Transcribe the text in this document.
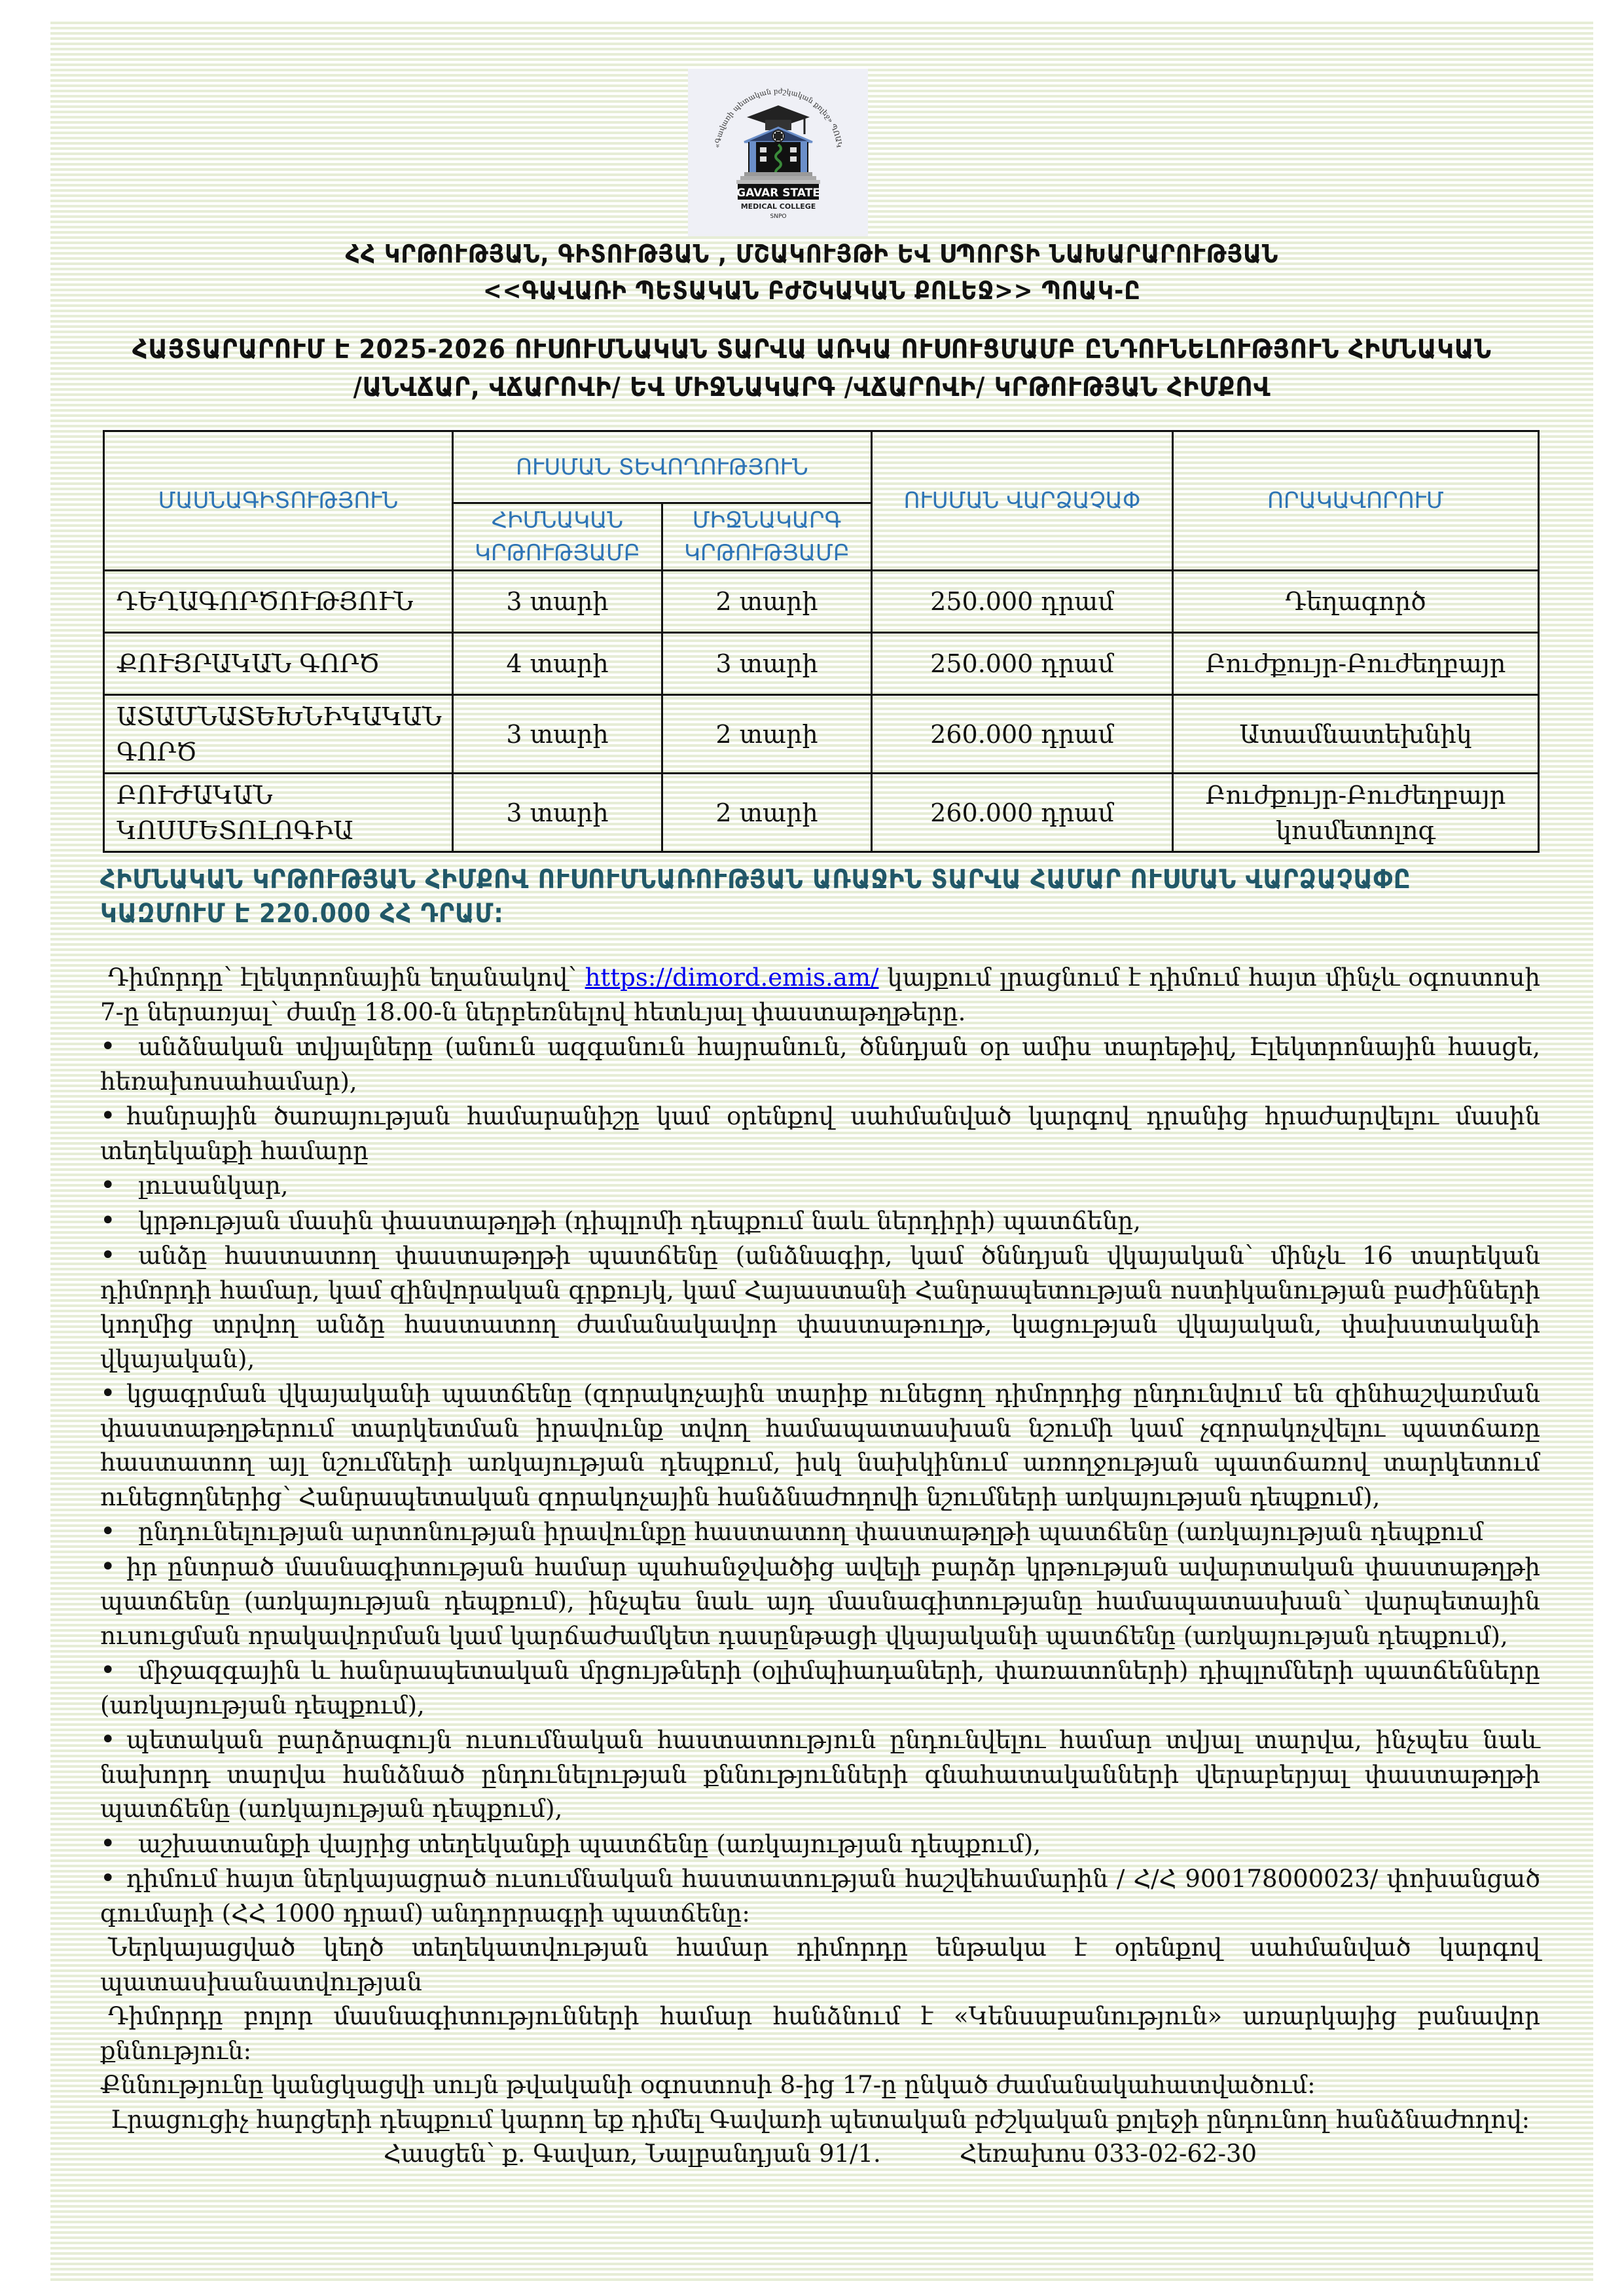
«Գավառի պետական բժշկական քոլեջ» ՊՈԱԿ
GAVAR STATE
MEDICAL COLLEGE
SNPO
ՀՀ ԿՐԹՈՒԹՅԱՆ, ԳԻՏՈՒԹՅԱՆ , ՄՇԱԿՈՒՅԹԻ ԵՎ ՍՊՈՐՏԻ ՆԱԽԱՐԱՐՈՒԹՅԱՆ
<<ԳԱՎԱՌԻ ՊԵՏԱԿԱՆ ԲԺՇԿԱԿԱՆ ՔՈԼԵՋ>> ՊՈԱԿ-Ը
ՀԱՅՏԱՐԱՐՈՒՄ Է 2025-2026 ՈՒՍՈՒՄՆԱԿԱՆ ՏԱՐՎԱ ԱՌԿԱ ՈՒՍՈՒՑՄԱՄԲ ԸՆԴՈՒՆԵԼՈՒԹՅՈՒՆ ՀԻՄՆԱԿԱՆ
/ԱՆՎՃԱՐ, ՎՃԱՐՈՎԻ/ ԵՎ ՄԻՋՆԱԿԱՐԳ /ՎՃԱՐՈՎԻ/ ԿՐԹՈՒԹՅԱՆ ՀԻՄՔՈՎ
ՄԱՍՆԱԳԻՏՈՒԹՅՈՒՆ	ՈՒՍՄԱՆ ՏԵՎՈՂՈՒԹՅՈՒՆ		ՈՒՍՄԱՆ ՎԱՐՁԱՉԱՓ	ՈՐԱԿԱՎՈՐՈՒՄ
	ՀԻՄՆԱԿԱՆ ԿՐԹՈՒԹՅԱՄԲ	ՄԻՋՆԱԿԱՐԳ ԿՐԹՈՒԹՅԱՄԲ		
ԴԵՂԱԳՈՐԾՈՒԹՅՈՒՆ	3 տարի	2 տարի	250.000 դրամ	Դեղագործ
ՔՈՒՅՐԱԿԱՆ ԳՈՐԾ	4 տարի	3 տարի	250.000 դրամ	Բուժքույր-Բուժեղբայր
ԱՏԱՄՆԱՏԵԽՆԻԿԱԿԱՆ ԳՈՐԾ	3 տարի	2 տարի	260.000 դրամ	Ատամնատեխնիկ
ԲՈՒԺԱԿԱՆ ԿՈՍՄԵՏՈԼՈԳԻԱ	3 տարի	2 տարի	260.000 դրամ	Բուժքույր-Բուժեղբայր կոսմետոլոգ
ՀԻՄՆԱԿԱՆ ԿՐԹՈՒԹՅԱՆ ՀԻՄՔՈՎ ՈՒՍՈՒՄՆԱՌՈՒԹՅԱՆ ԱՌԱՋԻՆ ՏԱՐՎԱ ՀԱՄԱՐ ՈՒՍՄԱՆ ՎԱՐՁԱՉԱՓԸ ԿԱԶՄՈՒՄ Է 220.000 ՀՀ ԴՐԱՄ:

Դիմորդը՝ էլեկտրոնային եղանակով՝ https://dimord.emis.am/ կայքում լրացնում է դիմում հայտ մինչև օգոստոսի 7-ը ներառյալ՝ ժամը 18.00-ն ներբեռնելով հետևյալ փաստաթղթերը.

• անձնական տվյալները (անուն ազգանուն հայրանուն, ծննդյան օր ամիս տարեթիվ, Էլեկտրոնային հասցե, հեռախոսահամար),

• հանրային ծառայության համարանիշը կամ օրենքով սահմանված կարգով դրանից հրաժարվելու մասին տեղեկանքի համարը

• լուսանկար,

• կրթության մասին փաստաթղթի (դիպլոմի դեպքում նաև ներդիրի) պատճենը,

• անձը հաստատող փաստաթղթի պատճենը (անձնագիր, կամ ծննդյան վկայական՝ մինչև 16 տարեկան դիմորդի համար, կամ զինվորական գրքույկ, կամ Հայաստանի Հանրապետության ոստիկանության բաժինների կողմից տրվող անձը հաստատող ժամանակավոր փաստաթուղթ, կացության վկայական, փախստականի վկայական),

• կցագրման վկայականի պատճենը (զորակոչային տարիք ունեցող դիմորդից ընդունվում են զինհաշվառման փաստաթղթերում տարկետման իրավունք տվող համապատասխան նշումի կամ չզորակոչվելու պատճառը հաստատող այլ նշումների առկայության դեպքում, իսկ նախկինում առողջության պատճառով տարկետում ունեցողներից՝ Հանրապետական զորակոչային հանձնաժողովի նշումների առկայության դեպքում),

• ընդունելության արտոնության իրավունքը հաստատող փաստաթղթի պատճենը (առկայության դեպքում

• իր ընտրած մասնագիտության համար պահանջվածից ավելի բարձր կրթության ավարտական փաստաթղթի պատճենը (առկայության դեպքում), ինչպես նաև այդ մասնագիտությանը համապատասխան՝ վարպետային ուսուցման որակավորման կամ կարճաժամկետ դասընթացի վկայականի պատճենը (առկայության դեպքում),

• միջազգային և հանրապետական մրցույթների (օլիմպիադաների, փառատոների) դիպլոմների պատճենները (առկայության դեպքում),

• պետական բարձրագույն ուսումնական հաստատություն ընդունվելու համար տվյալ տարվա, ինչպես նաև նախորդ տարվա հանձնած ընդունելության քննությունների գնահատականների վերաբերյալ փաստաթղթի պատճենը (առկայության դեպքում),

• աշխատանքի վայրից տեղեկանքի պատճենը (առկայության դեպքում),

• դիմում հայտ ներկայացրած ուսումնական հաստատության հաշվեհամարին / Հ/Հ 900178000023/ փոխանցած գումարի (ՀՀ 1000 դրամ) անդորրագրի պատճենը:

Ներկայացված կեղծ տեղեկատվության համար դիմորդը ենթակա է օրենքով սահմանված կարգով պատասխանատվության

Դիմորդը բոլոր մասնագիտությունների համար հանձնում է «Կենսաբանություն» առարկայից բանավոր քննություն:

Քննությունը կանցկացվի սույն թվականի օգոստոսի 8-ից 17-ը ընկած ժամանակահատվածում:

Լրացուցիչ հարցերի դեպքում կարող եք դիմել Գավառի պետական բժշկական քոլեջի ընդունող հանձնաժողով:

Հասցեն՝ ք. Գավառ, Նալբանդյան 91/1.	Հեռախոս 033-02-62-30
